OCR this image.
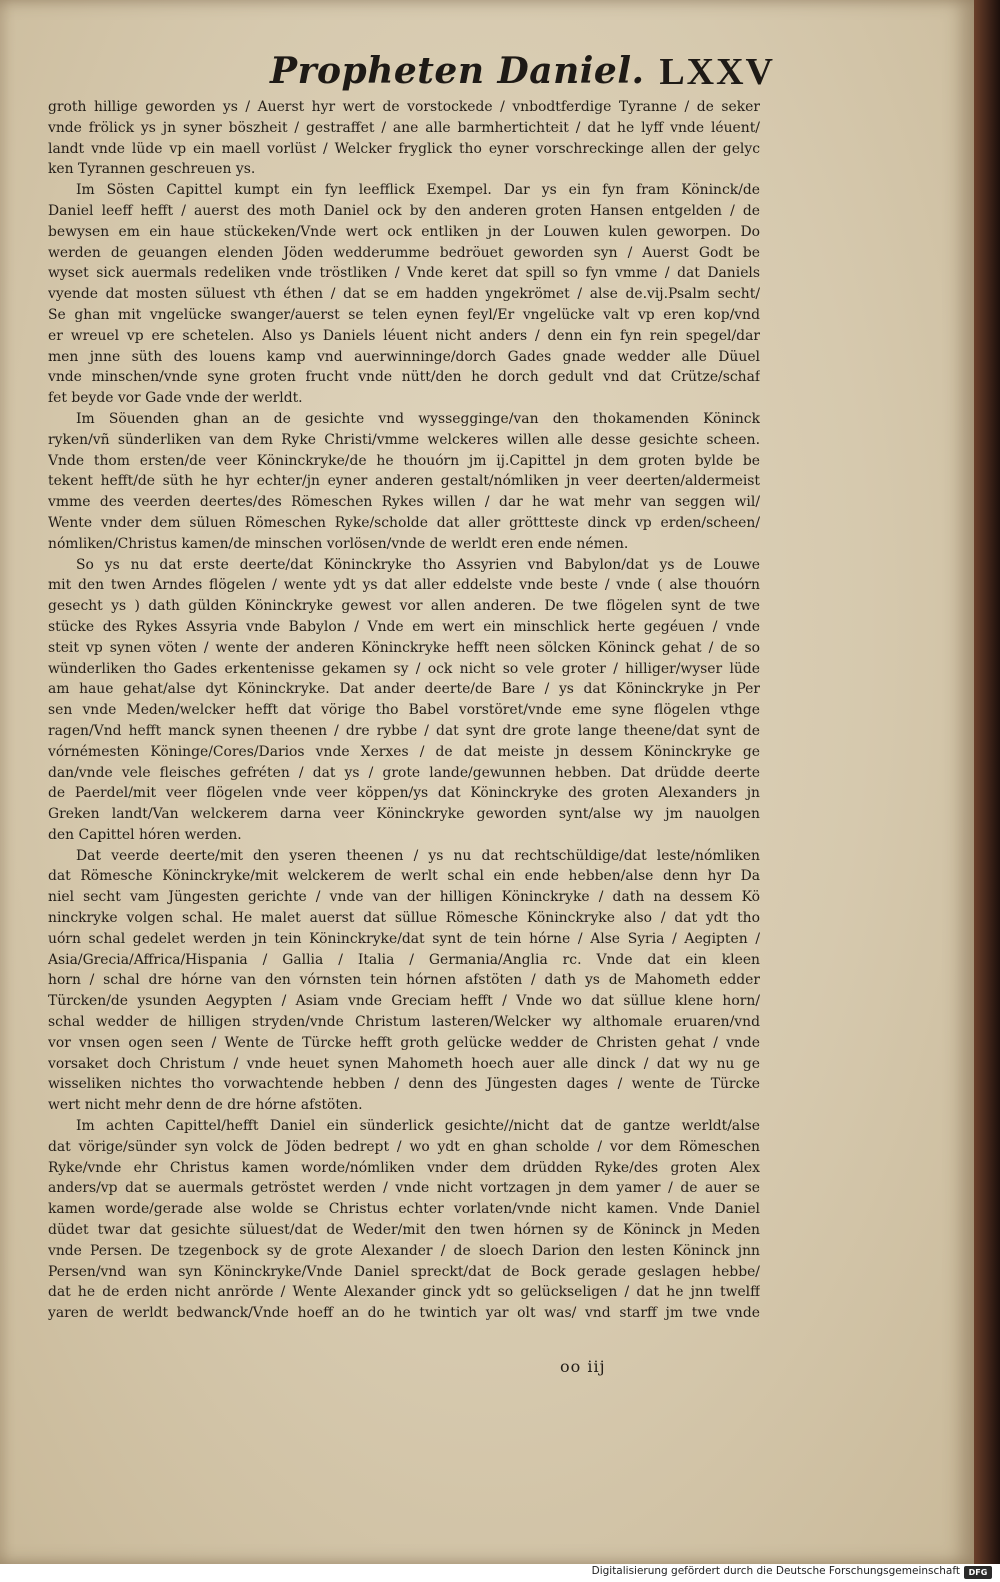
Propheten Daniel. LXXV
groth hillige geworden ys / Auerst hyr wert de vorstockede / vnbodtferdige Tyranne / de seker
vnde frölick ys jn syner böszheit / gestraffet / ane alle barmhertichteit / dat he lyff vnde léuent/
landt vnde lüde vp ein maell vorlüst / Welcker fryglick tho eyner vorschreckinge allen der gelyc
ken Tyrannen geschreuen ys.
Im Sösten Capittel kumpt ein fyn leefflick Exempel. Dar ys ein fyn fram Köninck/de
Daniel leeff hefft / auerst des moth Daniel ock by den anderen groten Hansen entgelden / de
bewysen em ein haue stückeken/Vnde wert ock entliken jn der Louwen kulen geworpen. Do
werden de geuangen elenden Jöden wedderumme bedröuet geworden syn / Auerst Godt be
wyset sick auermals redeliken vnde tröstliken / Vnde keret dat spill so fyn vmme / dat Daniels
vyende dat mosten süluest vth éthen / dat se em hadden yngekrömet / alse de.vij.Psalm secht/
Se ghan mit vngelücke swanger/auerst se telen eynen feyl/Er vngelücke valt vp eren kop/vnd
er wreuel vp ere schetelen. Also ys Daniels léuent nicht anders / denn ein fyn rein spegel/dar
men jnne süth des louens kamp vnd auerwinninge/dorch Gades gnade wedder alle Düuel
vnde minschen/vnde syne groten frucht vnde nütt/den he dorch gedult vnd dat Crütze/schaf
fet beyde vor Gade vnde der werldt.
Im Söuenden ghan an de gesichte vnd wyssegginge/van den thokamenden Köninck
ryken/vñ sünderliken van dem Ryke Christi/vmme welckeres willen alle desse gesichte scheen.
Vnde thom ersten/de veer Köninckryke/de he thouórn jm ij.Capittel jn dem groten bylde be
tekent hefft/de süth he hyr echter/jn eyner anderen gestalt/nómliken jn veer deerten/aldermeist
vmme des veerden deertes/des Römeschen Rykes willen / dar he wat mehr van seggen wil/
Wente vnder dem süluen Römeschen Ryke/scholde dat aller gröttteste dinck vp erden/scheen/
nómliken/Christus kamen/de minschen vorlösen/vnde de werldt eren ende némen.
So ys nu dat erste deerte/dat Köninckryke tho Assyrien vnd Babylon/dat ys de Louwe
mit den twen Arndes flögelen / wente ydt ys dat aller eddelste vnde beste / vnde ( alse thouórn
gesecht ys ) dath gülden Köninckryke gewest vor allen anderen. De twe flögelen synt de twe
stücke des Rykes Assyria vnde Babylon / Vnde em wert ein minschlick herte gegéuen / vnde
steit vp synen vöten / wente der anderen Köninckryke hefft neen sölcken Köninck gehat / de so
wünderliken tho Gades erkentenisse gekamen sy / ock nicht so vele groter / hilliger/wyser lüde
am haue gehat/alse dyt Köninckryke. Dat ander deerte/de Bare / ys dat Köninckryke jn Per
sen vnde Meden/welcker hefft dat vörige tho Babel vorstöret/vnde eme syne flögelen vthge
ragen/Vnd hefft manck synen theenen / dre rybbe / dat synt dre grote lange theene/dat synt de
vórnémesten Köninge/Cores/Darios vnde Xerxes / de dat meiste jn dessem Köninckryke ge
dan/vnde vele fleisches gefréten / dat ys / grote lande/gewunnen hebben. Dat drüdde deerte
de Paerdel/mit veer flögelen vnde veer köppen/ys dat Köninckryke des groten Alexanders jn
Greken landt/Van welckerem darna veer Köninckryke geworden synt/alse wy jm nauolgen
den Capittel hóren werden.
Dat veerde deerte/mit den yseren theenen / ys nu dat rechtschüldige/dat leste/nómliken
dat Römesche Köninckryke/mit welckerem de werlt schal ein ende hebben/alse denn hyr Da
niel secht vam Jüngesten gerichte / vnde van der hilligen Köninckryke / dath na dessem Kö
ninckryke volgen schal. He malet auerst dat süllue Römesche Köninckryke also / dat ydt tho
uórn schal gedelet werden jn tein Köninckryke/dat synt de tein hórne / Alse Syria / Aegipten /
Asia/Grecia/Affrica/Hispania / Gallia / Italia / Germania/Anglia rc. Vnde dat ein kleen
horn / schal dre hórne van den vórnsten tein hórnen afstöten / dath ys de Mahometh edder
Türcken/de ysunden Aegypten / Asiam vnde Greciam hefft / Vnde wo dat süllue klene horn/
schal wedder de hilligen stryden/vnde Christum lasteren/Welcker wy althomale eruaren/vnd
vor vnsen ogen seen / Wente de Türcke hefft groth gelücke wedder de Christen gehat / vnde
vorsaket doch Christum / vnde heuet synen Mahometh hoech auer alle dinck / dat wy nu ge
wisseliken nichtes tho vorwachtende hebben / denn des Jüngesten dages / wente de Türcke
wert nicht mehr denn de dre hórne afstöten.
Im achten Capittel/hefft Daniel ein sünderlick gesichte//nicht dat de gantze werldt/alse
dat vörige/sünder syn volck de Jöden bedrept / wo ydt en ghan scholde / vor dem Römeschen
Ryke/vnde ehr Christus kamen worde/nómliken vnder dem drüdden Ryke/des groten Alex
anders/vp dat se auermals getröstet werden / vnde nicht vortzagen jn dem yamer / de auer se
kamen worde/gerade alse wolde se Christus echter vorlaten/vnde nicht kamen. Vnde Daniel
düdet twar dat gesichte süluest/dat de Weder/mit den twen hórnen sy de Köninck jn Meden
vnde Persen. De tzegenbock sy de grote Alexander / de sloech Darion den lesten Köninck jnn
Persen/vnd wan syn Köninckryke/Vnde Daniel spreckt/dat de Bock gerade geslagen hebbe/
dat he de erden nicht anrörde / Wente Alexander ginck ydt so gelückseligen / dat he jnn twelff
yaren de werldt bedwanck/Vnde hoeff an do he twintich yar olt was/ vnd starff jm twe vnde
oo iij
Digitalisierung gefördert durch die Deutsche Forschungsgemeinschaft	DFG
